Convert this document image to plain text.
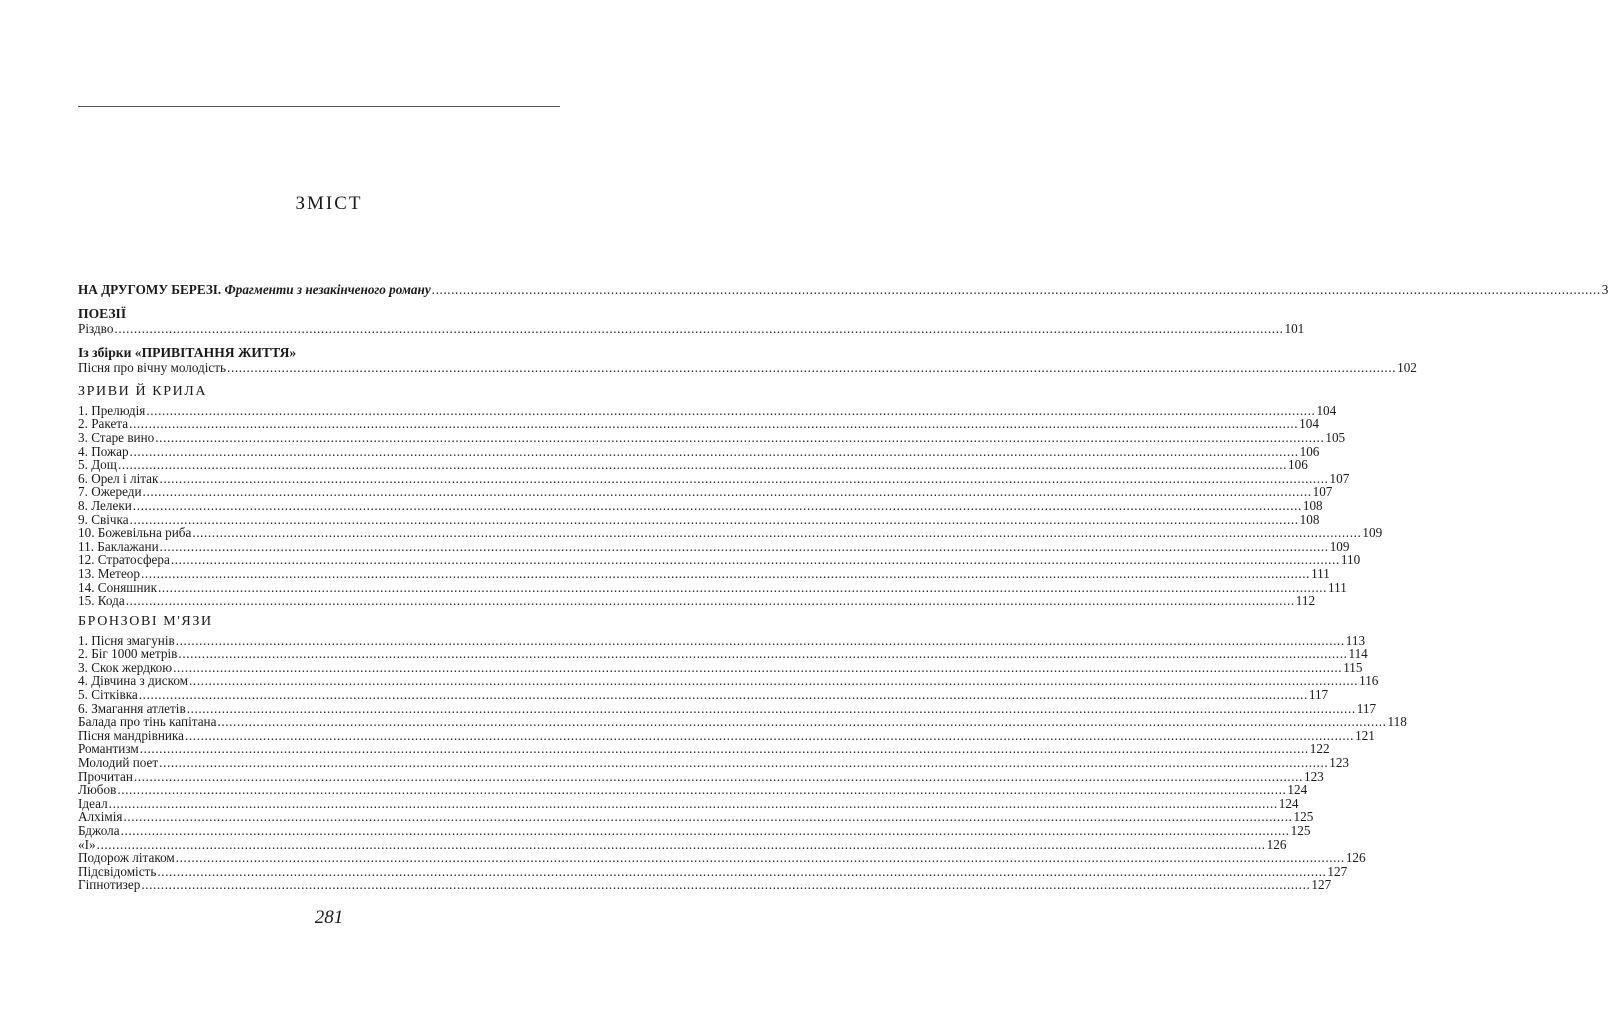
ЗМІСТ
НА ДРУГОМУ БЕРЕЗІ. Фрагменти з незакінченого роману ............................................................................................................................................................................................................................................................................................................ 3
ПОЕЗІЇ
Різдво ............................................................................................................................................................................................................................................................................................................ 101
Із збірки «ПРИВІТАННЯ ЖИТТЯ»
Пісня про вічну молодість ............................................................................................................................................................................................................................................................................................................ 102
ЗРИВИ Й КРИЛА
1. Прелюдія ............................................................................................................................................................................................................................................................................................................ 104
2. Ракета ............................................................................................................................................................................................................................................................................................................ 104
3. Старе вино ............................................................................................................................................................................................................................................................................................................ 105
4. Пожар ............................................................................................................................................................................................................................................................................................................ 106
5. Дощ ............................................................................................................................................................................................................................................................................................................ 106
6. Орел і літак ............................................................................................................................................................................................................................................................................................................ 107
7. Ожереди ............................................................................................................................................................................................................................................................................................................ 107
8. Лелеки ............................................................................................................................................................................................................................................................................................................ 108
9. Свічка ............................................................................................................................................................................................................................................................................................................ 108
10. Божевільна риба ............................................................................................................................................................................................................................................................................................................ 109
11. Баклажани ............................................................................................................................................................................................................................................................................................................ 109
12. Стратосфера ............................................................................................................................................................................................................................................................................................................ 110
13. Метеор ............................................................................................................................................................................................................................................................................................................ 111
14. Соняшник ............................................................................................................................................................................................................................................................................................................ 111
15. Кода ............................................................................................................................................................................................................................................................................................................ 112
БРОНЗОВІ М'ЯЗИ
1. Пісня змагунів ............................................................................................................................................................................................................................................................................................................ 113
2. Біг 1000 метрів ............................................................................................................................................................................................................................................................................................................ 114
3. Скок жердкою ............................................................................................................................................................................................................................................................................................................ 115
4. Дівчина з диском ............................................................................................................................................................................................................................................................................................................ 116
5. Сітківка ............................................................................................................................................................................................................................................................................................................ 117
6. Змагання атлетів ............................................................................................................................................................................................................................................................................................................ 117
Балада про тінь капітана ............................................................................................................................................................................................................................................................................................................ 118
Пісня мандрівника ............................................................................................................................................................................................................................................................................................................ 121
Романтизм ............................................................................................................................................................................................................................................................................................................ 122
Молодий поет ............................................................................................................................................................................................................................................................................................................ 123
Прочитан ............................................................................................................................................................................................................................................................................................................ 123
Любов ............................................................................................................................................................................................................................................................................................................ 124
Ідеал ............................................................................................................................................................................................................................................................................................................ 124
Алхімія ............................................................................................................................................................................................................................................................................................................ 125
Бджола ............................................................................................................................................................................................................................................................................................................ 125
«І» ............................................................................................................................................................................................................................................................................................................ 126
Подорож літаком ............................................................................................................................................................................................................................................................................................................ 126
Підсвідомість ............................................................................................................................................................................................................................................................................................................ 127
Гіпнотизер ............................................................................................................................................................................................................................................................................................................ 127
281
